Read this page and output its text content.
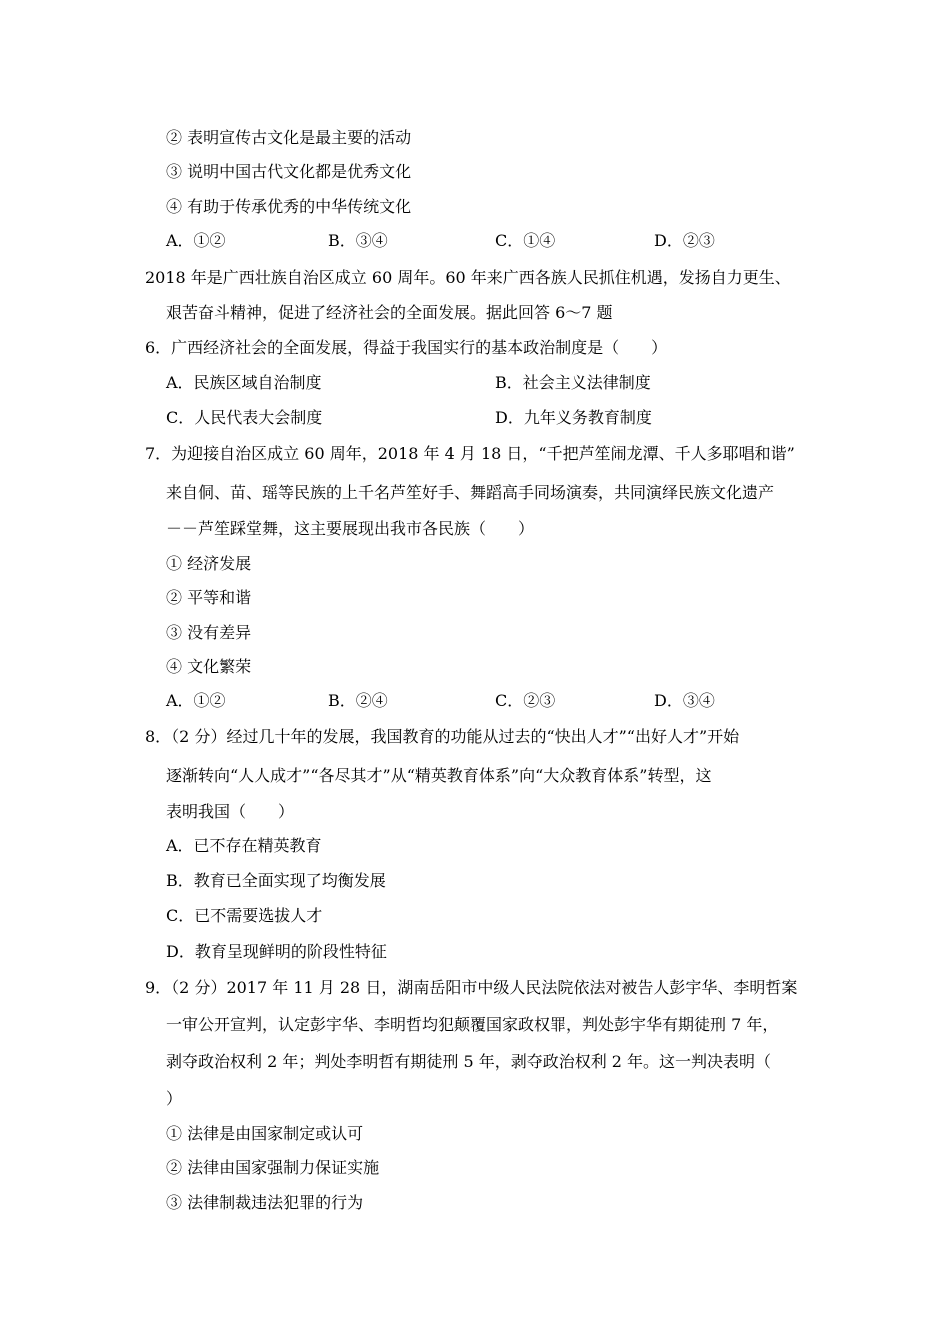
② 表明宣传古文化是最主要的活动
③ 说明中国古代文化都是优秀文化
④ 有助于传承优秀的中华传统文化
A．①②	B．③④	C．①④	D．②③
2018 年是广西壮族自治区成立 60 周年。60 年来广西各族人民抓住机遇，发扬自力更生、
艰苦奋斗精神，促进了经济社会的全面发展。据此回答 6～7 题
6．广西经济社会的全面发展，得益于我国实行的基本政治制度是（　　）
A．民族区域自治制度	B．社会主义法律制度
C．人民代表大会制度	D．九年义务教育制度
7．为迎接自治区成立 60 周年，2018 年 4 月 18 日，“千把芦笙闹龙潭、千人多耶唱和谐”
来自侗、苗、瑶等民族的上千名芦笙好手、舞蹈高手同场演奏，共同演绎民族文化遗产
－－芦笙踩堂舞，这主要展现出我市各民族（　　）
① 经济发展
② 平等和谐
③ 没有差异
④ 文化繁荣
A．①②	B．②④	C．②③	D．③④
8．（2 分）经过几十年的发展，我国教育的功能从过去的“快出人才”“出好人才”开始
逐渐转向“人人成才”“各尽其才”从“精英教育体系”向“大众教育体系”转型，这
表明我国（　　）
A．已不存在精英教育
B．教育已全面实现了均衡发展
C．已不需要选拔人才
D．教育呈现鲜明的阶段性特征
9．（2 分）2017 年 11 月 28 日，湖南岳阳市中级人民法院依法对被告人彭宇华、李明哲案
一审公开宣判，认定彭宇华、李明哲均犯颠覆国家政权罪，判处彭宇华有期徒刑 7 年，
剥夺政治权利 2 年；判处李明哲有期徒刑 5 年，剥夺政治权利 2 年。这一判决表明（
）
① 法律是由国家制定或认可
② 法律由国家强制力保证实施
③ 法律制裁违法犯罪的行为
